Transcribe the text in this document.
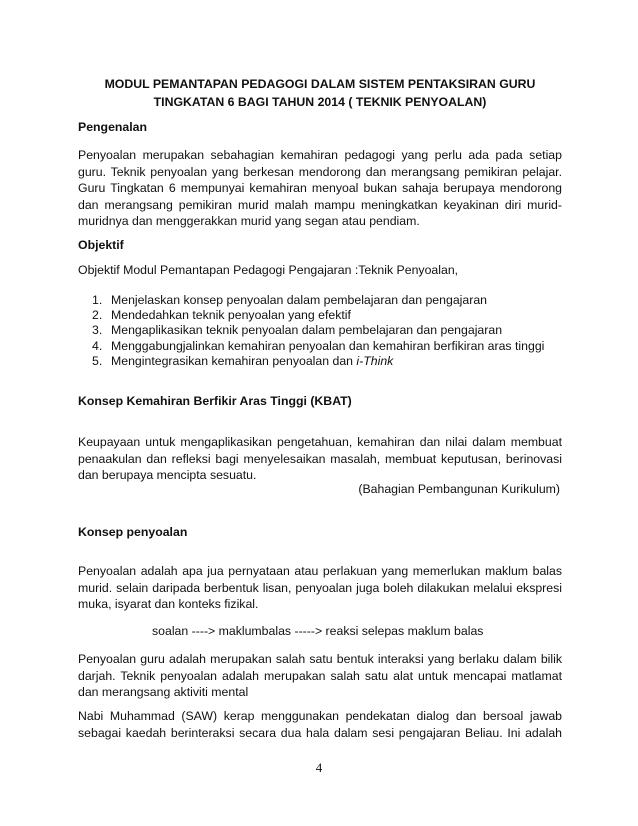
MODUL PEMANTAPAN PEDAGOGI DALAM SISTEM PENTAKSIRAN GURU
TINGKATAN 6 BAGI TAHUN 2014 ( TEKNIK PENYOALAN)
Pengenalan
Penyoalan merupakan sebahagian kemahiran pedagogi yang perlu ada pada setiap
guru. Teknik penyoalan yang berkesan mendorong dan merangsang pemikiran pelajar.
Guru Tingkatan 6 mempunyai kemahiran menyoal bukan sahaja berupaya mendorong
dan merangsang pemikiran murid malah mampu meningkatkan keyakinan diri murid-
muridnya dan menggerakkan murid yang segan atau pendiam.
Objektif
Objektif Modul Pemantapan Pedagogi Pengajaran :Teknik Penyoalan,
1. Menjelaskan konsep penyoalan dalam pembelajaran dan pengajaran
2. Mendedahkan teknik penyoalan yang efektif
3. Mengaplikasikan teknik penyoalan dalam pembelajaran dan pengajaran
4. Menggabungjalinkan kemahiran penyoalan dan kemahiran berfikiran aras tinggi
5. Mengintegrasikan kemahiran penyoalan dan i-Think
Konsep Kemahiran Berfikir Aras Tinggi (KBAT)
Keupayaan untuk mengaplikasikan pengetahuan, kemahiran dan nilai dalam membuat
penaakulan dan refleksi bagi menyelesaikan masalah, membuat keputusan, berinovasi
dan berupaya mencipta sesuatu.
(Bahagian Pembangunan Kurikulum)
Konsep penyoalan
Penyoalan adalah apa jua pernyataan atau perlakuan yang memerlukan maklum balas
murid. selain daripada berbentuk lisan, penyoalan juga boleh dilakukan melalui ekspresi
muka, isyarat dan konteks fizikal.
soalan ----> maklumbalas -----> reaksi selepas maklum balas
Penyoalan guru adalah merupakan salah satu bentuk interaksi yang berlaku dalam bilik
darjah. Teknik penyoalan adalah merupakan salah satu alat untuk mencapai matlamat
dan merangsang aktiviti mental
Nabi Muhammad (SAW) kerap menggunakan pendekatan dialog dan bersoal jawab
sebagai kaedah berinteraksi secara dua hala dalam sesi pengajaran Beliau. Ini adalah
4
